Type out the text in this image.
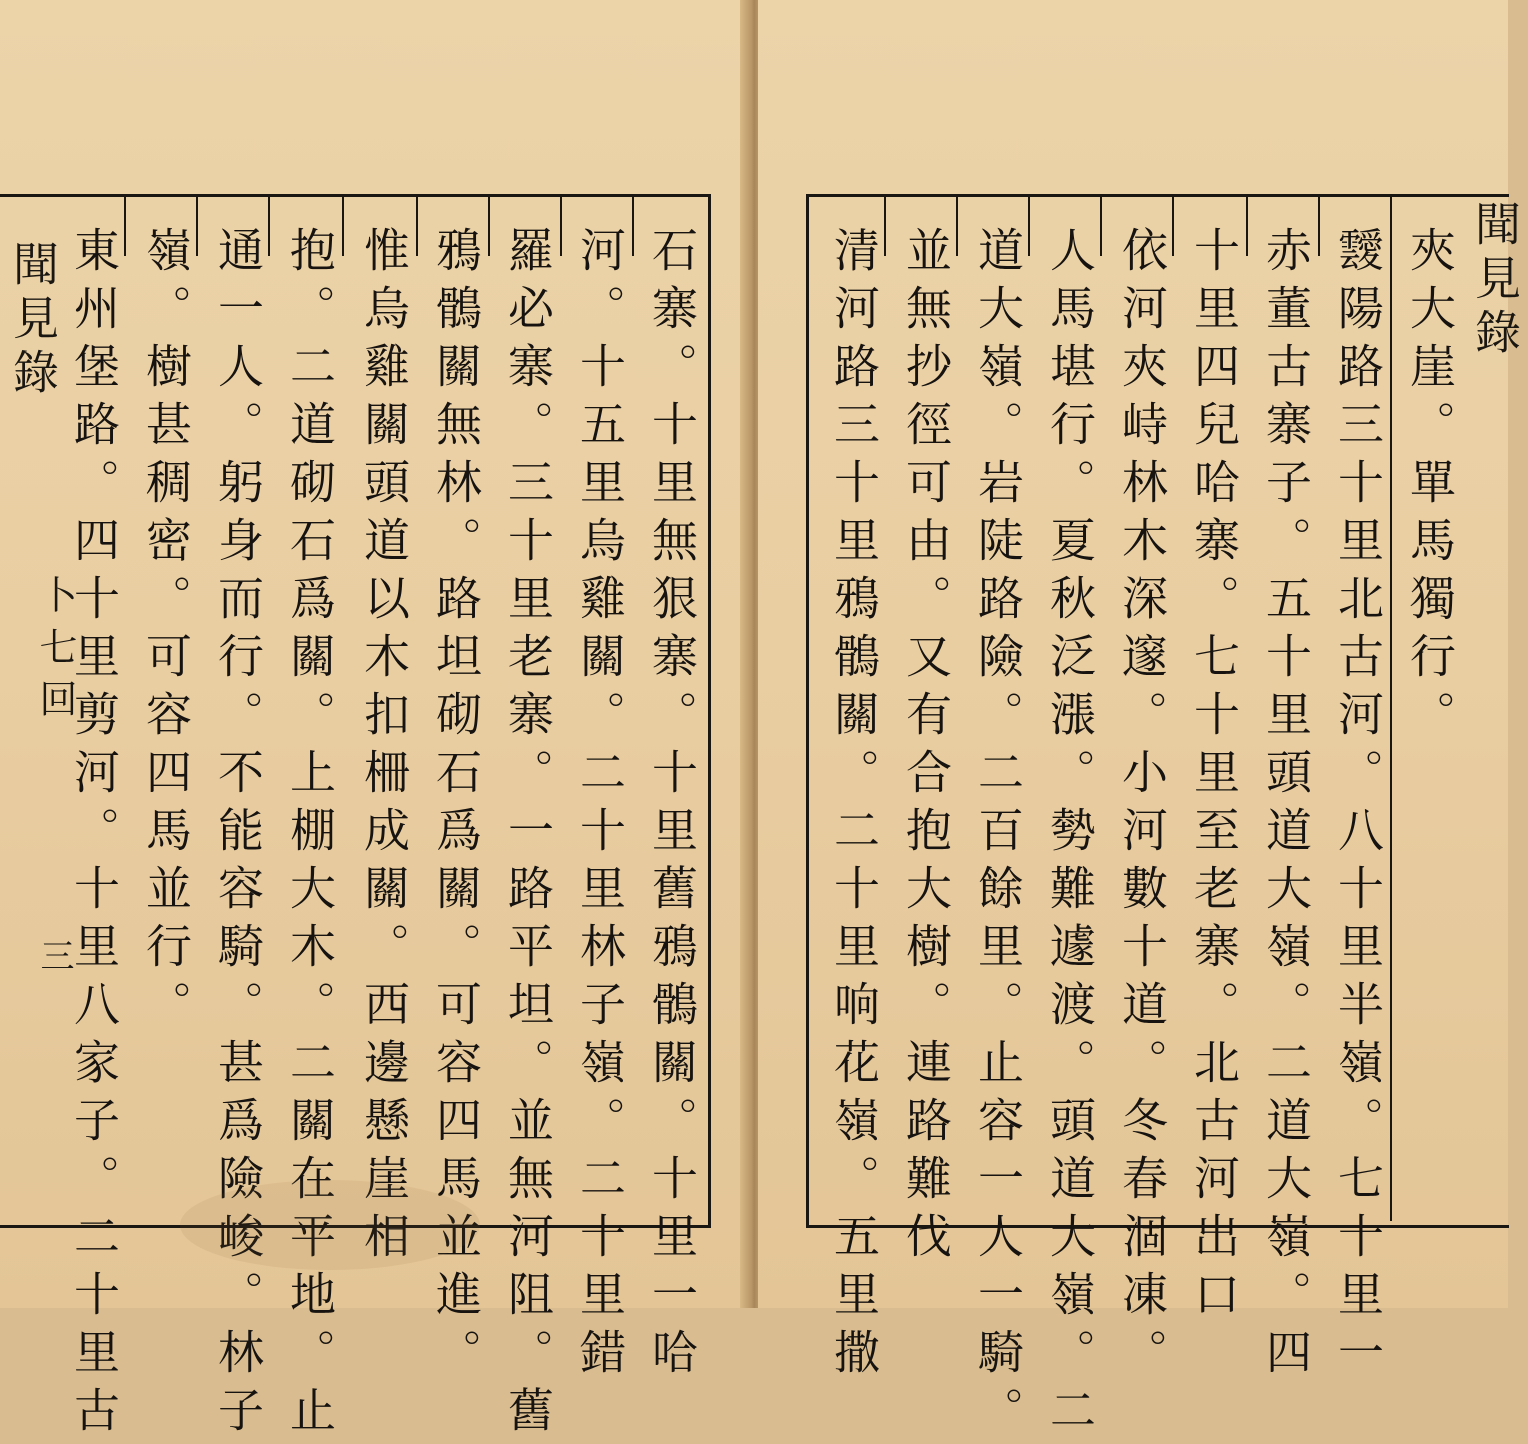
聞見錄
卜七回
三	石寨。十里無狠寨。十里舊鴉鶻關。十里一哈
河。十五里烏雞關。二十里林子嶺。二十里錯
羅必寨。三十里老寨。一路平坦。並無河阻。舊
鴉鶻關無林。路坦砌石爲關。可容四馬並進。
惟烏雞關頭道以木扣柵成關。西邊懸崖相
抱。二道砌石爲關。上棚大木。二關在平地。止
通一人。躬身而行。不能容騎。甚爲險峻。林子
嶺。樹甚稠密。可容四馬並行。
東州堡路。四十里剪河。十里八家子。二十里古	聞見錄
夾大崖。單馬獨行。
靉陽路三十里北古河。八十里半嶺。七十里一
赤董古寨子。五十里頭道大嶺。二道大嶺。四
十里四兒哈寨。七十里至老寨。北古河出口
依河夾峙林木深邃。小河數十道。冬春涸凍。
人馬堪行。夏秋泛漲。勢難遽渡。頭道大嶺。二
道大嶺。岩陡路險。二百餘里。止容一人一騎。
並無抄徑可由。又有合抱大樹。連路難伐
清河路三十里鴉鶻關。二十里响花嶺。五里撒
